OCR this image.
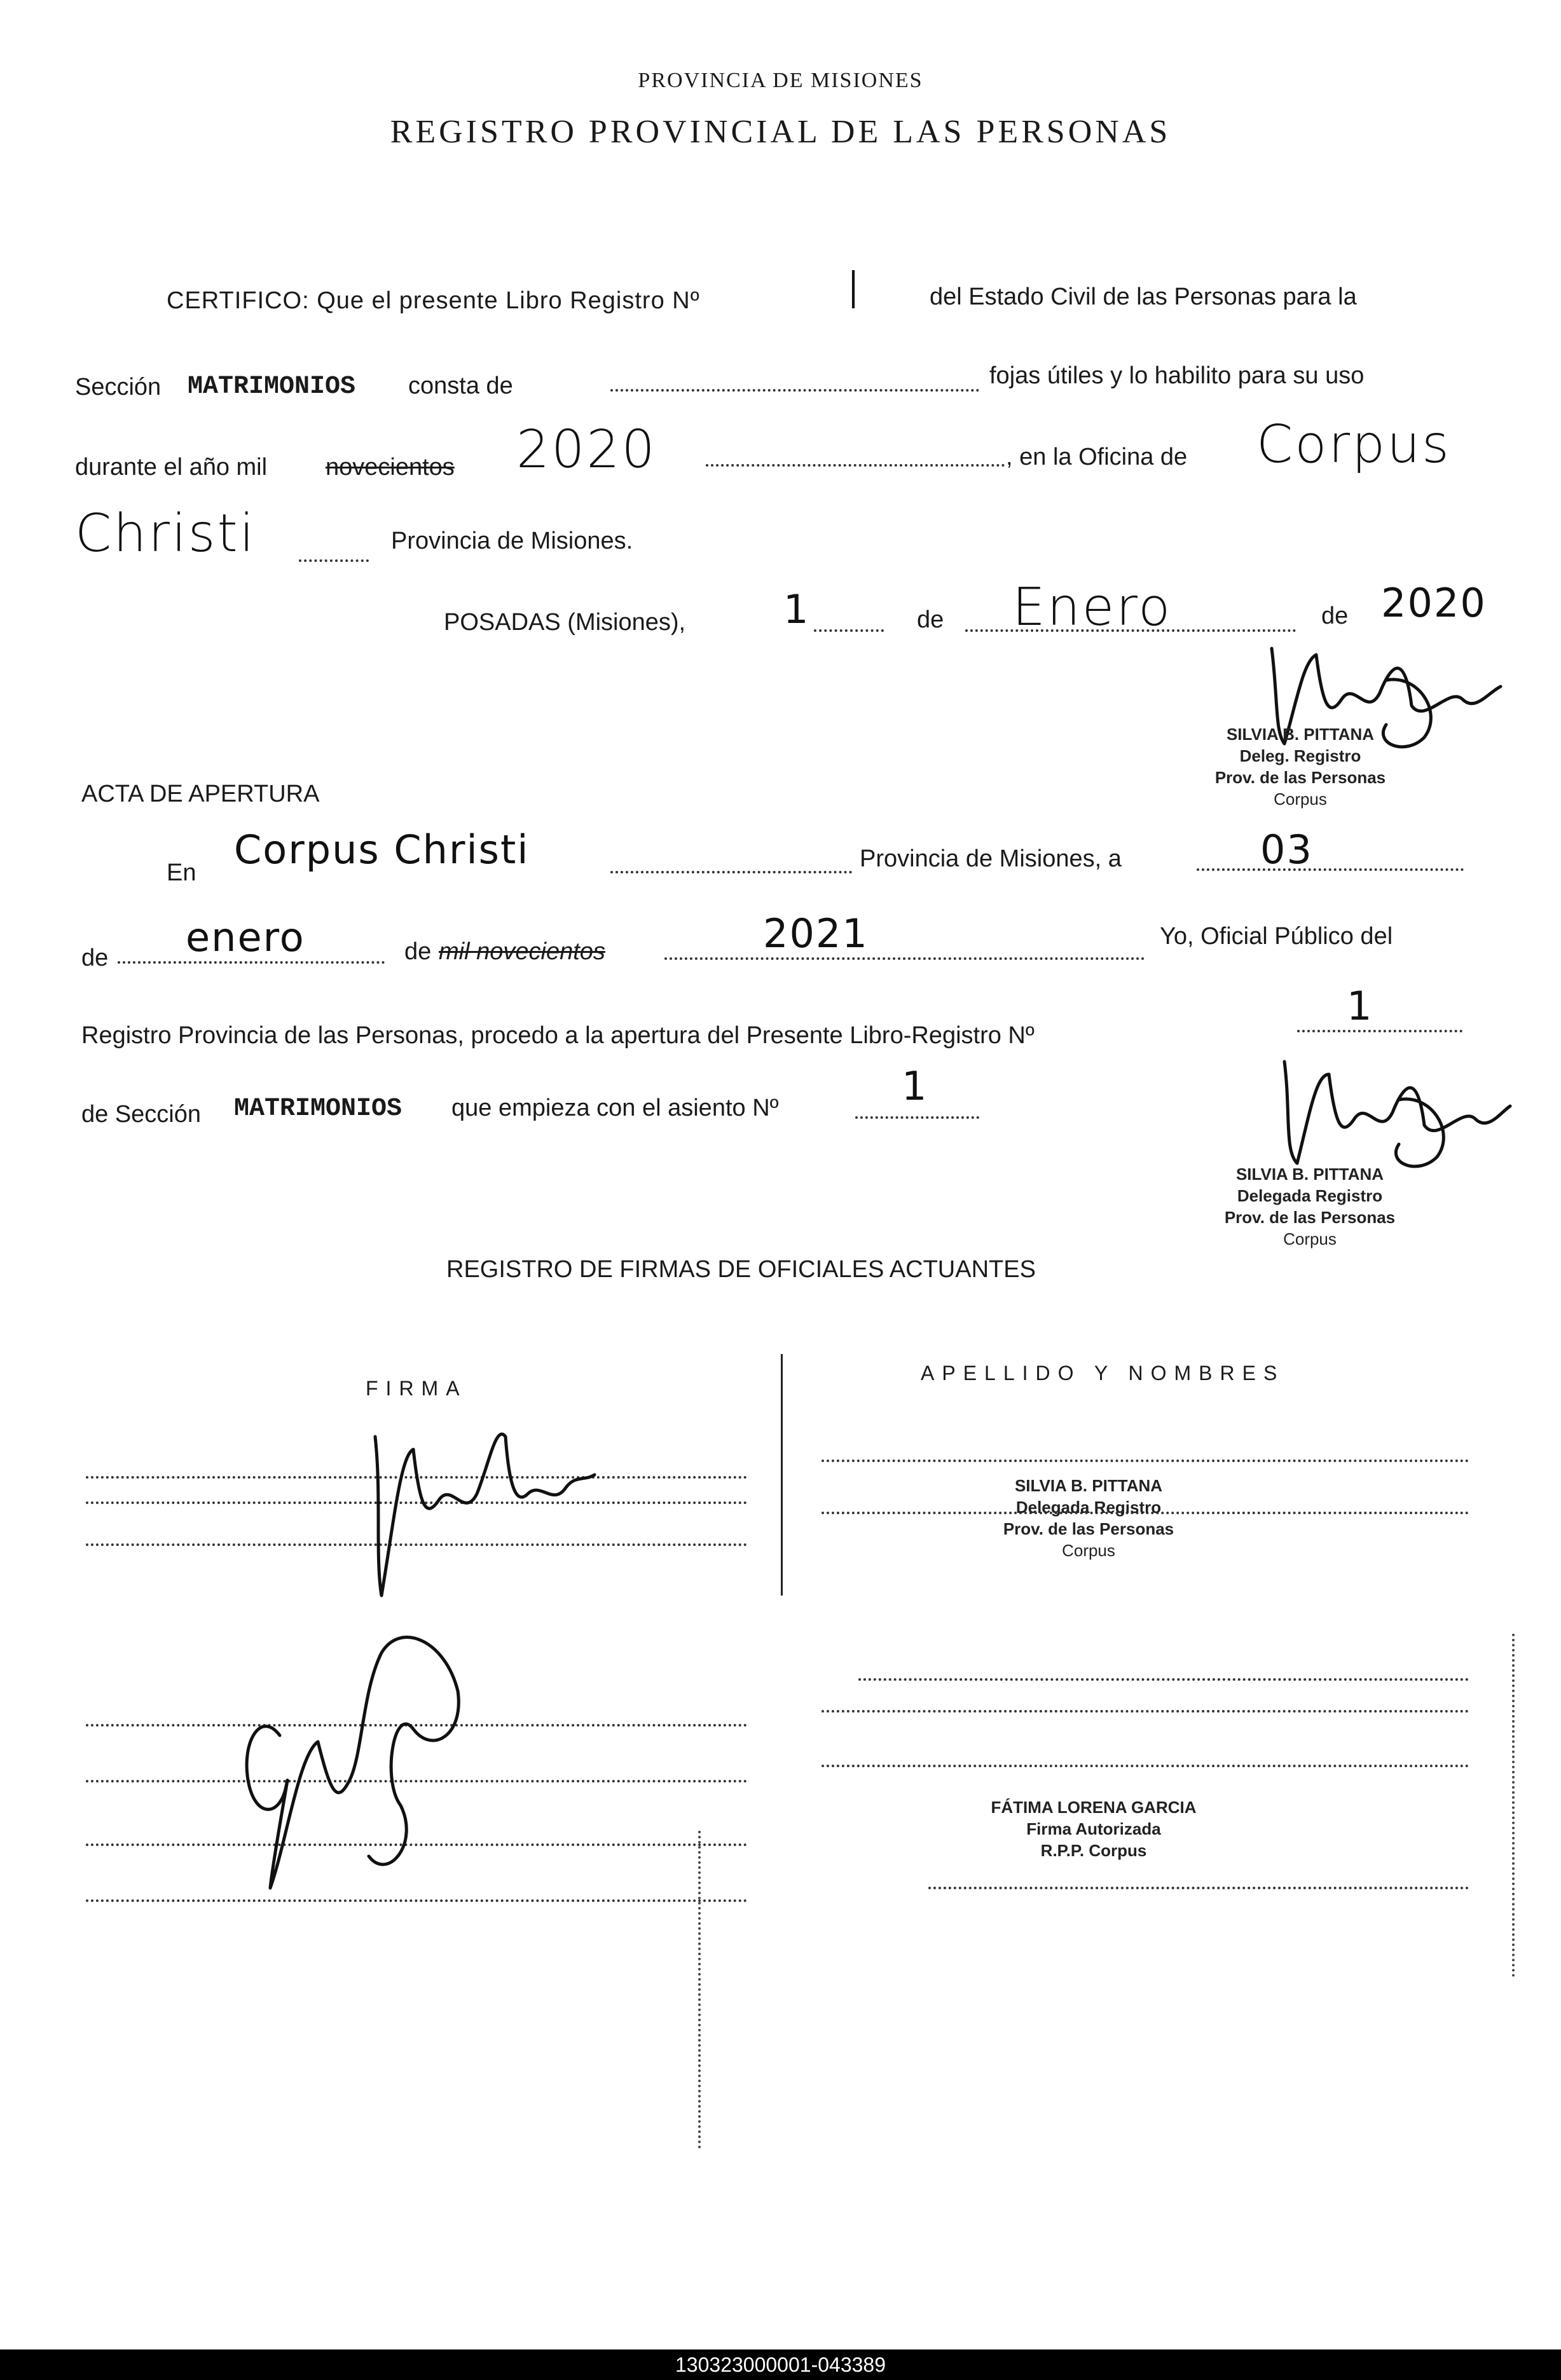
PROVINCIA DE MISIONES
REGISTRO PROVINCIAL DE LAS PERSONAS
CERTIFICO: Que el presente Libro Registro Nº	I	del Estado Civil de las Personas para la
Sección MATRIMONIOS consta de	fojas útiles y lo habilito para su uso
durante el año mil novecientos 2020	, en la Oficina de Corpus
Christi	Provincia de Misiones.
POSADAS (Misiones), 1	de Enero	de 2020
SILVIA B. PITTANA
Deleg. Registro
Prov. de las Personas
Corpus
ACTA DE APERTURA
En Corpus Christi	Provincia de Misiones, a	03
de enero	de mil novecientos	2021	Yo, Oficial Público del
Registro Provincia de las Personas, procedo a la apertura del Presente Libro-Registro Nº
1
de Sección MATRIMONIOS que empieza con el asiento Nº	1
SILVIA B. PITTANA
Delegada Registro
Prov. de las Personas
Corpus
REGISTRO DE FIRMAS DE OFICIALES ACTUANTES
FIRMA
APELLIDO Y NOMBRES
SILVIA B. PITTANA
Delegada Registro
Prov. de las Personas
Corpus
FÁTIMA LORENA GARCIA
Firma Autorizada
R.P.P. Corpus
130323000001-043389
